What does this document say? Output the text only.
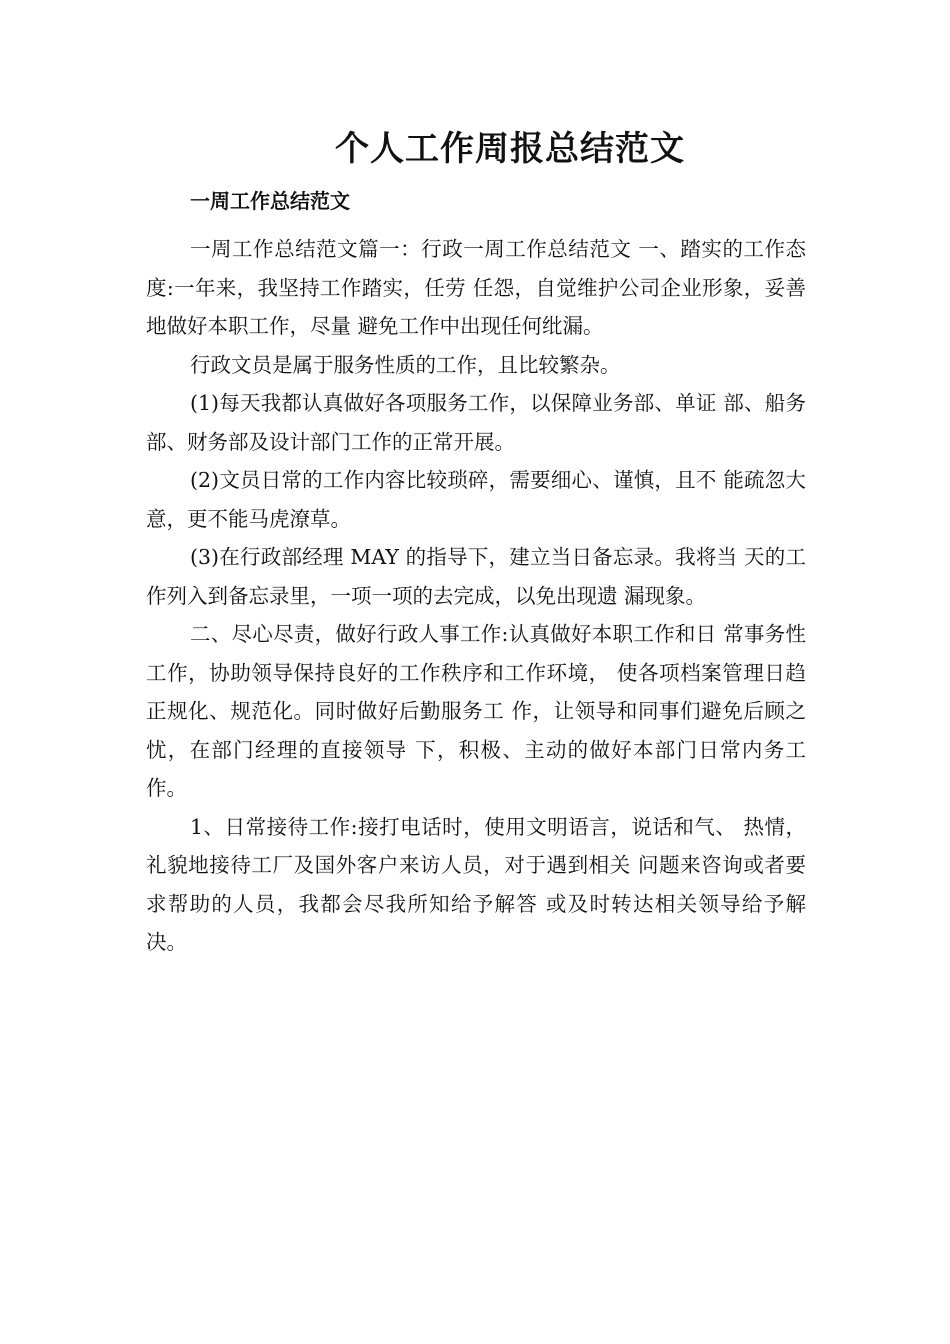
个人工作周报总结范文
一周工作总结范文

一周工作总结范文篇一：行政一周工作总结范文 一、踏实的工作态度:一年来，我坚持工作踏实，任劳 任怨，自觉维护公司企业形象，妥善地做好本职工作，尽量 避免工作中出现任何纰漏。

行政文员是属于服务性质的工作，且比较繁杂。

(1)每天我都认真做好各项服务工作，以保障业务部、单证 部、船务部、财务部及设计部门工作的正常开展。

(2)文员日常的工作内容比较琐碎，需要细心、谨慎，且不 能疏忽大意，更不能马虎潦草。

(3)在行政部经理 MAY 的指导下，建立当日备忘录。我将当 天的工作列入到备忘录里，一项一项的去完成，以免出现遗 漏现象。

二、尽心尽责，做好行政人事工作:认真做好本职工作和日 常事务性工作，协助领导保持良好的工作秩序和工作环境， 使各项档案管理日趋正规化、规范化。同时做好后勤服务工 作，让领导和同事们避免后顾之忧，在部门经理的直接领导 下，积极、主动的做好本部门日常内务工作。

1、日常接待工作:接打电话时，使用文明语言，说话和气、 热情，礼貌地接待工厂及国外客户来访人员，对于遇到相关 问题来咨询或者要求帮助的人员，我都会尽我所知给予解答 或及时转达相关领导给予解决。
